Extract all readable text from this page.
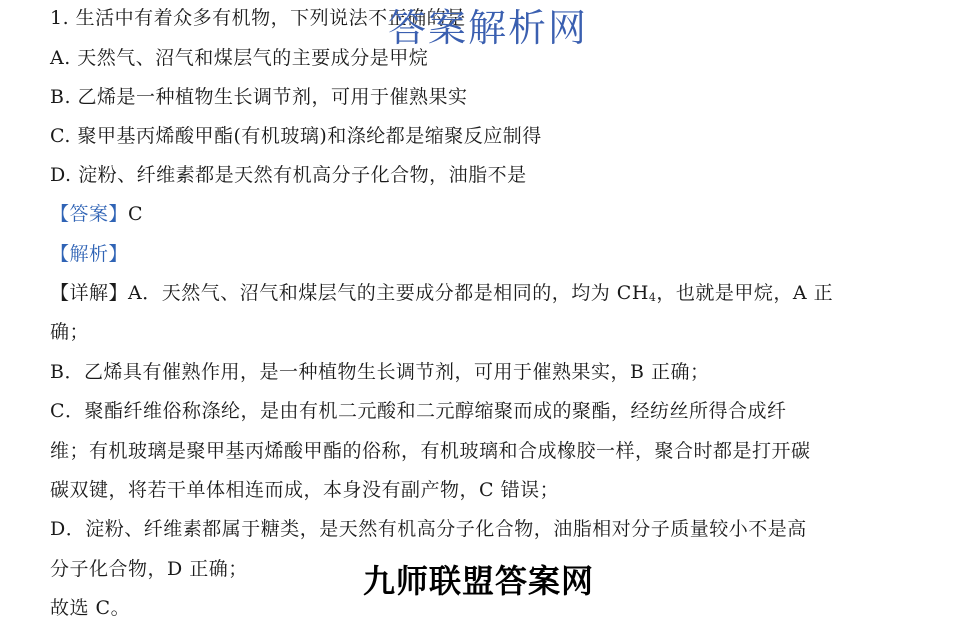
1. 生活中有着众多有机物，下列说法不正确的是
A. 天然气、沼气和煤层气的主要成分是甲烷
B. 乙烯是一种植物生长调节剂，可用于催熟果实
C. 聚甲基丙烯酸甲酯(有机玻璃)和涤纶都是缩聚反应制得
D. 淀粉、纤维素都是天然有机高分子化合物，油脂不是
【答案】C
【解析】
【详解】A．天然气、沼气和煤层气的主要成分都是相同的，均为 $CH_4$，也就是甲烷，A 正
确；
B．乙烯具有催熟作用，是一种植物生长调节剂，可用于催熟果实，B 正确；
C．聚酯纤维俗称涤纶，是由有机二元酸和二元醇缩聚而成的聚酯，经纺丝所得合成纤
维；有机玻璃是聚甲基丙烯酸甲酯的俗称，有机玻璃和合成橡胶一样，聚合时都是打开碳
碳双键，将若干单体相连而成，本身没有副产物，C 错误；
D．淀粉、纤维素都属于糖类，是天然有机高分子化合物，油脂相对分子质量较小不是高
分子化合物，D 正确；
故选 C。
答案解析网
九师联盟答案网
